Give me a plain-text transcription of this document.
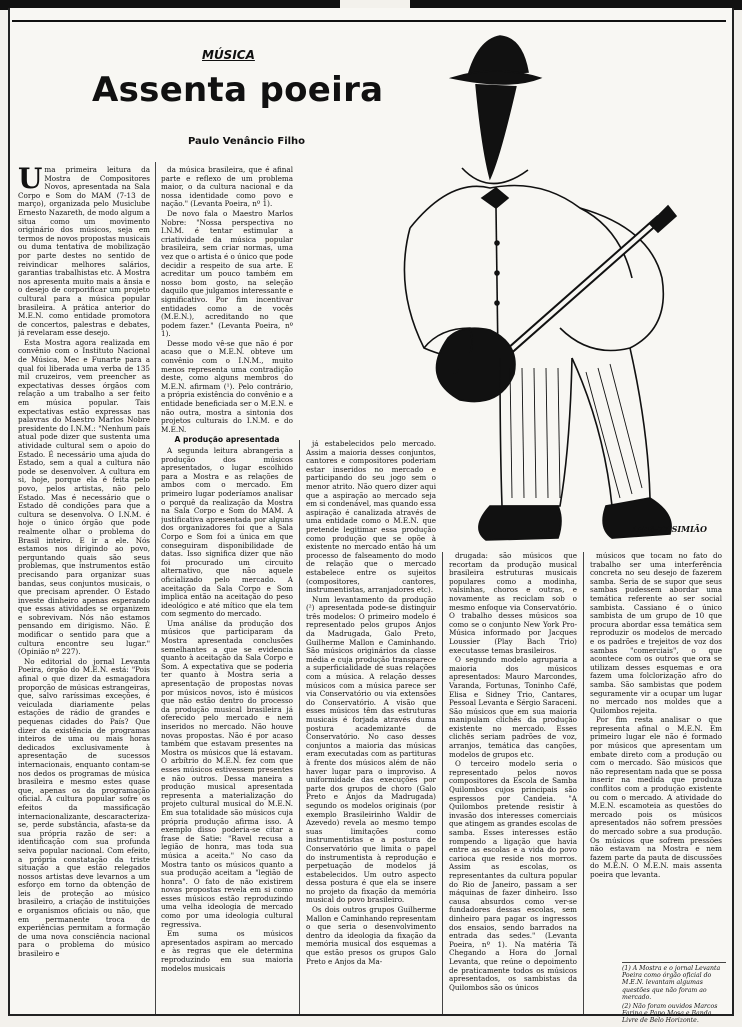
MÚSICA
Assenta poeira
Paulo Venâncio Filho
LEIB-77 SIMIÃO

Uma primeira leitura da Mostra de Compositores Novos, apresentada na Sala Corpo e Som do MAM (7-13 de março), organizada pelo Musiclube Ernesto Nazareth, de modo algum a situa como um movimento originário dos músicos, seja em termos de novos propostas musicais ou duma tentativa de mobilização por parte destes no sentido de reivindicar melhores salários, garantias trabalhistas etc. A Mostra nos apresenta muito mais a ânsia e o desejo de corporificar um projeto cultural para a música popular brasileira. A prática anterior do M.E.N. como entidade promotora de concertos, palestras e debates, já revelaram esse desejo.

Esta Mostra agora realizada em convênio com o Instituto Nacional de Música, Mec e Funarte para a qual foi liberada uma verba de 135 mil cruzeiros, vem preencher as expectativas desses órgãos com relação a um trabalho a ser feito em música popular. Tais expectativas estão expressas nas palavras do Maestro Marlos Nobre presidente do I.N.M.: "Nenhum país atual pode dizer que sustenta uma atividade cultural sem o apoio do Estado. É necessário uma ajuda do Estado, sem a qual a cultura não pode se desenvolver. A cultura em si, hoje, porque ela é feita pelo povo, pelos artistas, não pelo Estado. Mas é necessário que o Estado dê condições para que a cultura se desenvolva. O I.N.M. é hoje o único órgão que pode realmente olhar o problema do Brasil inteiro. E ir a ele. Nós estamos nos dirigindo ao povo, perguntando quais são seus problemas, que instrumentos estão precisando para organizar suas bandas, seus conjuntos musicais, o que precisam aprender. O Estado investe dinheiro apenas esperando que essas atividades se organizem e sobrevivam. Nós não estamos pensando em dirigismo. Não. É modificar o sentido para que a cultura encontre seu lugar." (Opinião nº 227).

No editorial do jornal Levanta Poeira, órgão do M.E.N. está: "Pois afinal o que dizer da esmagadora proporção de músicas estrangeiras, que, salvo raríssimas exceções, é veiculada diariamente pelas estações de rádio de grandes e pequenas cidades do País? Que dizer da existência de programas inteiros de uma ou mais horas dedicados exclusivamente à apresentação de sucessos internacionais, enquanto contam-se nos dedos os programas de música brasileira e mesmo estes quase que, apenas os da programação oficial. A cultura popular sofre os efeitos da massificação internacionalizante, descaracteriza-se, perde substância, afasta-se da sua própria razão de ser: a identificação com sua profunda seiva popular nacional. Com efeito, a própria constatação da triste situação a que estão relegados nossos artistas deve levarnos a um esforço em torno da obtenção de leis de proteção ao músico brasileiro, a criação de instituições e organismos oficiais ou não, que em permanente troca de experiências permitam a formação de uma nova consciência nacional para o problema do músico brasileiro e

da música brasileira, que é afinal parte e reflexo de um problema maior, o da cultura nacional e da nossa identidade como povo e nação." (Levanta Poeira, nº 1).

De novo fala o Maestro Marlos Nobre: "Nossa perspectiva no I.N.M. é tentar estimular a criatividade da música popular brasileira, sem criar normas, uma vez que o artista é o único que pode decidir a respeito de sua arte. E acreditar um pouco também em nosso bom gosto, na seleção daquilo que julgamos interessante e significativo. Por fim incentivar entidades como a de vocês (M.E.N.), acreditando no que podem fazer." (Levanta Poeira, nº 1).

Desse modo vê-se que não é por acaso que o M.E.N. obteve um convênio com o I.N.M., muito menos representa uma contradição deste, como alguns membros do M.E.N. afirmam (¹). Pelo contrário, a própria existência do convênio e a entidade beneficiada ser o M.E.N. e não outra, mostra a sintonia dos projetos culturais do I.N.M. e do M.E.N.

A produção apresentada

A segunda leitura abrangeria a produção dos músicos apresentados, o lugar escolhido para a Mostra e as relações de ambos com o mercado. Em primeiro lugar poderíamos analisar o porquê da realização da Mostra na Sala Corpo e Som do MAM. A justificativa apresentada por alguns dos organizadores foi que a Sala Corpo e Som foi a única em que conseguiram disponibilidade de datas. Isso significa dizer que não foi procurado um circuito alternativo, que não aquele oficializado pelo mercado. A aceitação da Sala Corpo e Som implica então na aceitação do peso ideológico e até mítico que ela tem com segmento do mercado.

Uma análise da produção dos músicos que participaram da Mostra apresentada conclusões semelhantes a que se evidencia quanto à aceitação da Sala Corpo e Som. A expectativa que se poderia ter quanto à Mostra seria a apresentação de propostas novas por músicos novos, isto é músicos que não estão dentro do processo da produção musical brasileira já oferecido pelo mercado e nem inseridos no mercado. Não houve novas propostas. Não é por acaso também que estavam presentes na Mostra os músicos que lá estavam. O arbítrio do M.E.N. fez com que esses músicos estivessem presentes e não outros. Dessa maneira a produção musical apresentada representa a materialização do projeto cultural musical do M.E.N. Em sua totalidade são músicos cuja própria produção afirma isso. A exemplo disso poderia-se citar a frase de Satie: "Ravel recusa a legião de honra, mas toda sua música a aceita." No caso da Mostra tanto os músicos quanto a sua produção aceitam a "legião de honra". O fato de não existirem novas propostas revela em si como esses músicos estão reproduzindo uma velha ideologia de mercado como por uma ideologia cultural regressiva.

Em suma os músicos apresentados aspiram ao mercado e às regras que ele determina reproduzindo em sua maioria modelos musicais

já estabelecidos pelo mercado. Assim a maioria desses conjuntos, cantores e compositores poderiam estar inseridos no mercado e participando do seu jogo sem o menor atrito. Não quero dizer aqui que a aspiração ao mercado seja em si condenável, mas quando essa aspiração é canalizada através de uma entidade como o M.E.N. que pretende legitimar essa produção como produção que se opõe à existente no mercado então há um processo de falseamento do modo de relação que o mercado estabelece entre os sujeitos (compositores, cantores, instrumentistas, arranjadores etc).

Num levantamento da produção (²) apresentada pode-se distinguir três modelos: O primeiro modelo é representado pelos grupos Anjos da Madrugada, Galo Preto, Guilherme Mallon e Caminhando. São músicos originários da classe média e cuja produção transparece a superficialidade de suas relações com a música. A relação desses músicos com a música parece ser via Conservatório ou via extensões do Conservatório. A visão que esses músicos têm das estruturas musicais é forjada através duma postura academizante de Conservatório. No caso desses conjuntos a maioria das músicas eram executadas com as partituras à frente dos músicos além de não haver lugar para o improviso. A uniformidade das execuções por parte dos grupos de choro (Galo Preto e Anjos da Madrugada) segundo os modelos originais (por exemplo Brasileirinho Waldir de Azevedo) revela ao mesmo tempo suas limitações como instrumentistas e a postura de Conservatório que limita o papel do instrumentista à reprodução e perpetuação de modelos já estabelecidos. Um outro aspecto dessa postura é que ela se insere no projeto da fixação da memória musical do povo brasileiro.

Os dois outros grupos Guilherme Mallon e Caminhando representam o que seria o desenvolvimento dentro da ideologia da fixação da memória musical dos esquemas a que estão presos os grupos Galo Preto e Anjos da Ma-

drugada: são músicos que recortam da produção musical brasileira estruturas musicais populares como a modinha, valsinhas, choros e outras, e novamente as reciclam sob o mesmo enfoque via Conservatório. O trabalho desses músicos soa como se o conjunto New York Pro-Música informado por Jacques Loussier (Play Bach Trio) executasse temas brasileiros.

O segundo modelo agruparia a maioria dos músicos apresentados: Mauro Marcondes, Varanda, Fortunas, Toninho Café, Elisa e Sidney Trio, Cantares, Pessoal Levanta e Sérgio Saraceni. São músicos que em sua maioria manipulam clichês da produção existente no mercado. Esses clichês seriam padrões de voz, arranjos, temática das canções, modelos de grupos etc.

O terceiro modelo seria o representado pelos novos compositores da Escola de Samba Quilombos cujos principais são espressos por Candeia. "A Quilombos pretende resistir à invasão dos interesses comerciais que atingem as grandes escolas de samba. Esses interesses estão rompendo a ligação que havia entre as escolas e a vida do povo carioca que reside nos morros. Assim as escolas, os representantes da cultura popular do Rio de Janeiro, passam a ser máquinas de fazer dinheiro. Isso causa absurdos como ver-se fundadores dessas escolas, sem dinheiro para pagar os ingressos dos ensaios, sendo barrados na entrada das sedes." (Levanta Poeira, nº 1). Na matéria Tá Chegando a Hora do Jornal Levanta, que reúne o depoimento de praticamente todos os músicos apresentados, os sambistas da Quilombos são os únicos

músicos que tocam no fato do trabalho ser uma interferência concreta no seu desejo de fazerem samba. Seria de se supor que seus sambas pudessem abordar uma temática referente ao ser social sambista. Cassiano é o único sambista de um grupo de 10 que procura abordar essa temática sem reproduzir os modelos de mercado e os padrões e trejeitos de voz dos sambas "comerciais", o que acontece com os outros que ora se utilizam desses esquemas e ora fazem uma folclorização afro do samba. São sambistas que podem seguramente vir a ocupar um lugar no mercado nos moldes que a Quilombos rejeita.

Por fim resta analisar o que representa afinal o M.E.N. Em primeiro lugar ele não é formado por músicos que apresentam um embate direto com a produção ou com o mercado. São músicos que não representam nada que se possa inserir na medida que produza conflitos com a produção existente ou com o mercado. A atividade do M.E.N. escamoteia as questões do mercado pois os músicos apresentados não sofrem pressões do mercado sobre a sua produção. Os músicos que sofrem pressões não estavam na Mostra e nem fazem parte da pauta de discussões do M.E.N. O M.E.N. mais assenta poeira que levanta.

(1) A Mostra e o jornal Levanta Poeira como órgão oficial do M.E.N. levantam algumas questões que não foram ao mercado.

(2) Não foram ouvidos Marcos Farina e Papo Mosa e Banda Livre de Belo Horizonte.
